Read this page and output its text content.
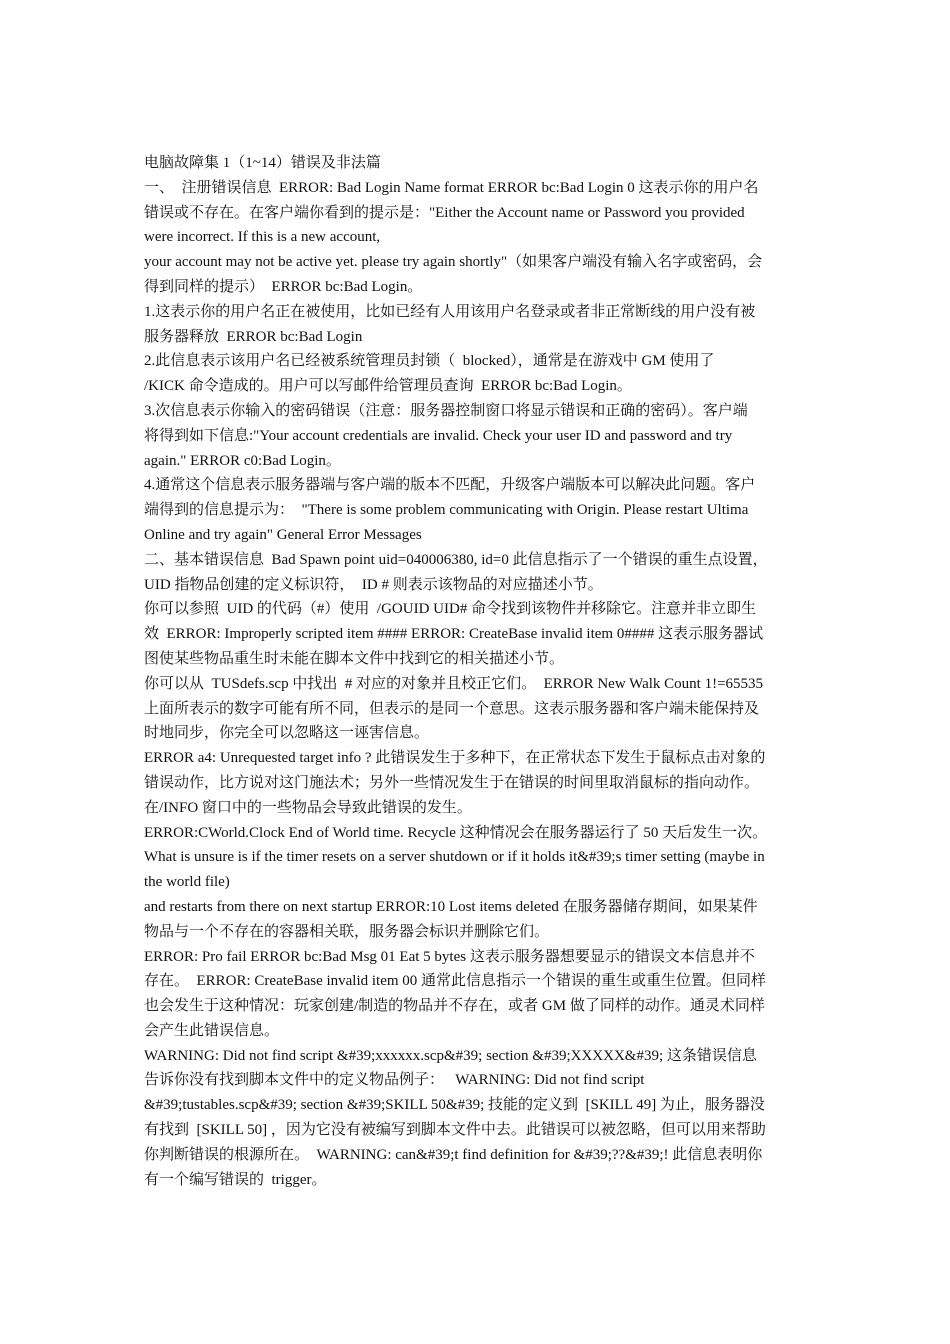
电脑故障集 1（1~14）错误及非法篇
一、  注册错误信息  ERROR: Bad Login Name format ERROR bc:Bad Login 0 这表示你的用户名
错误或不存在。在客户端你看到的提示是："Either the Account name or Password you provided
were incorrect. If this is a new account,
your account may not be active yet. please try again shortly"（如果客户端没有输入名字或密码，会
得到同样的提示）  ERROR bc:Bad Login。
1.这表示你的用户名正在被使用，比如已经有人用该用户名登录或者非正常断线的用户没有被
服务器释放  ERROR bc:Bad Login
2.此信息表示该用户名已经被系统管理员封锁（  blocked），通常是在游戏中 GM 使用了
/KICK 命令造成的。用户可以写邮件给管理员查询  ERROR bc:Bad Login。
3.次信息表示你输入的密码错误（注意：服务器控制窗口将显示错误和正确的密码）。客户端
将得到如下信息:"Your account credentials are invalid. Check your user ID and password and try
again." ERROR c0:Bad Login。
4.通常这个信息表示服务器端与客户端的版本不匹配，升级客户端版本可以解决此问题。客户
端得到的信息提示为：  "There is some problem communicating with Origin. Please restart Ultima
Online and try again" General Error Messages
二、基本错误信息  Bad Spawn point uid=040006380, id=0 此信息指示了一个错误的重生点设置，
UID 指物品创建的定义标识符，  ID # 则表示该物品的对应描述小节。
你可以参照  UID 的代码（#）使用  /GOUID UID# 命令找到该物件并移除它。注意并非立即生
效  ERROR: Improperly scripted item #### ERROR: CreateBase invalid item 0#### 这表示服务器试
图使某些物品重生时未能在脚本文件中找到它的相关描述小节。
你可以从  TUSdefs.scp 中找出  # 对应的对象并且校正它们。  ERROR New Walk Count 1!=65535
上面所表示的数字可能有所不同，但表示的是同一个意思。这表示服务器和客户端未能保持及
时地同步，你完全可以忽略这一诬害信息。
ERROR a4: Unrequested target info ? 此错误发生于多种下，在正常状态下发生于鼠标点击对象的
错误动作，比方说对这门施法术；另外一些情况发生于在错误的时间里取消鼠标的指向动作。
在/INFO 窗口中的一些物品会导致此错误的发生。
ERROR:CWorld.Clock End of World time. Recycle 这种情况会在服务器运行了 50 天后发生一次。
What is unsure is if the timer resets on a server shutdown or if it holds it&#39;s timer setting (maybe in
the world file)
and restarts from there on next startup ERROR:10 Lost items deleted 在服务器储存期间，如果某件
物品与一个不存在的容器相关联，服务器会标识并删除它们。
ERROR: Pro fail ERROR bc:Bad Msg 01 Eat 5 bytes 这表示服务器想要显示的错误文本信息并不
存在。  ERROR: CreateBase invalid item 00 通常此信息指示一个错误的重生或重生位置。但同样
也会发生于这种情况：玩家创建/制造的物品并不存在，或者 GM 做了同样的动作。通灵术同样
会产生此错误信息。
WARNING: Did not find script &#39;xxxxxx.scp&#39; section &#39;XXXXX&#39; 这条错误信息
告诉你没有找到脚本文件中的定义物品例子：   WARNING: Did not find script
&#39;tustables.scp&#39; section &#39;SKILL 50&#39; 技能的定义到  [SKILL 49] 为止，服务器没
有找到  [SKILL 50] ，因为它没有被编写到脚本文件中去。此错误可以被忽略，但可以用来帮助
你判断错误的根源所在。  WARNING: can&#39;t find definition for &#39;??&#39;! 此信息表明你
有一个编写错误的  trigger。
